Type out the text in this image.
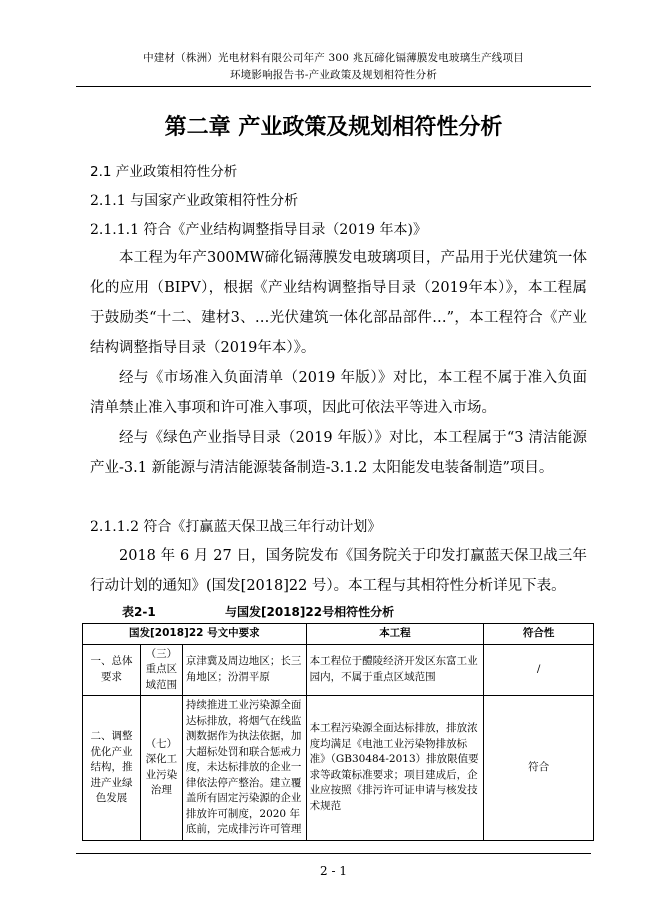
中建材（株洲）光电材料有限公司年产 300 兆瓦碲化镉薄膜发电玻璃生产线项目
环境影响报告书-产业政策及规划相符性分析
第二章 产业政策及规划相符性分析
2.1 产业政策相符性分析
2.1.1 与国家产业政策相符性分析
2.1.1.1 符合《产业结构调整指导目录（2019 年本)》
本工程为年产300MW碲化镉薄膜发电玻璃项目，产品用于光伏建筑一体化的应用（BIPV），根据《产业结构调整指导目录（2019年本）》，本工程属于鼓励类“十二、建材3、…光伏建筑一体化部品部件…”，本工程符合《产业结构调整指导目录（2019年本）》。
经与《市场准入负面清单（2019 年版）》对比，本工程不属于准入负面清单禁止准入事项和许可准入事项，因此可依法平等进入市场。
经与《绿色产业指导目录（2019 年版）》对比，本工程属于“3 清洁能源产业-3.1 新能源与清洁能源装备制造-3.1.2 太阳能发电装备制造”项目。
2.1.1.2 符合《打赢蓝天保卫战三年行动计划》
2018 年 6 月 27 日，国务院发布《国务院关于印发打赢蓝天保卫战三年行动计划的通知》(国发[2018]22 号）。本工程与其相符性分析详见下表。
表2-1	与国发[2018]22号相符性分析
国发[2018]22 号文中要求			本工程	符合性
一、总体要求	（三）重点区域范围	京津冀及周边地区；长三角地区；汾渭平原	本工程位于醴陵经济开发区东富工业园内，不属于重点区域范围	/
二、调整优化产业结构，推进产业绿色发展	（七）深化工业污染治理	持续推进工业污染源全面达标排放，将烟气在线监测数据作为执法依据，加大超标处罚和联合惩戒力度，未达标排放的企业一律依法停产整治。建立覆盖所有固定污染源的企业排放许可制度，2020 年底前，完成排污许可管理	本工程污染源全面达标排放，排放浓度均满足《电池工业污染物排放标准》（GB30484-2013）排放限值要求等政策标准要求；项目建成后，企业应按照《排污许可证申请与核发技术规范	符合
2 - 1
